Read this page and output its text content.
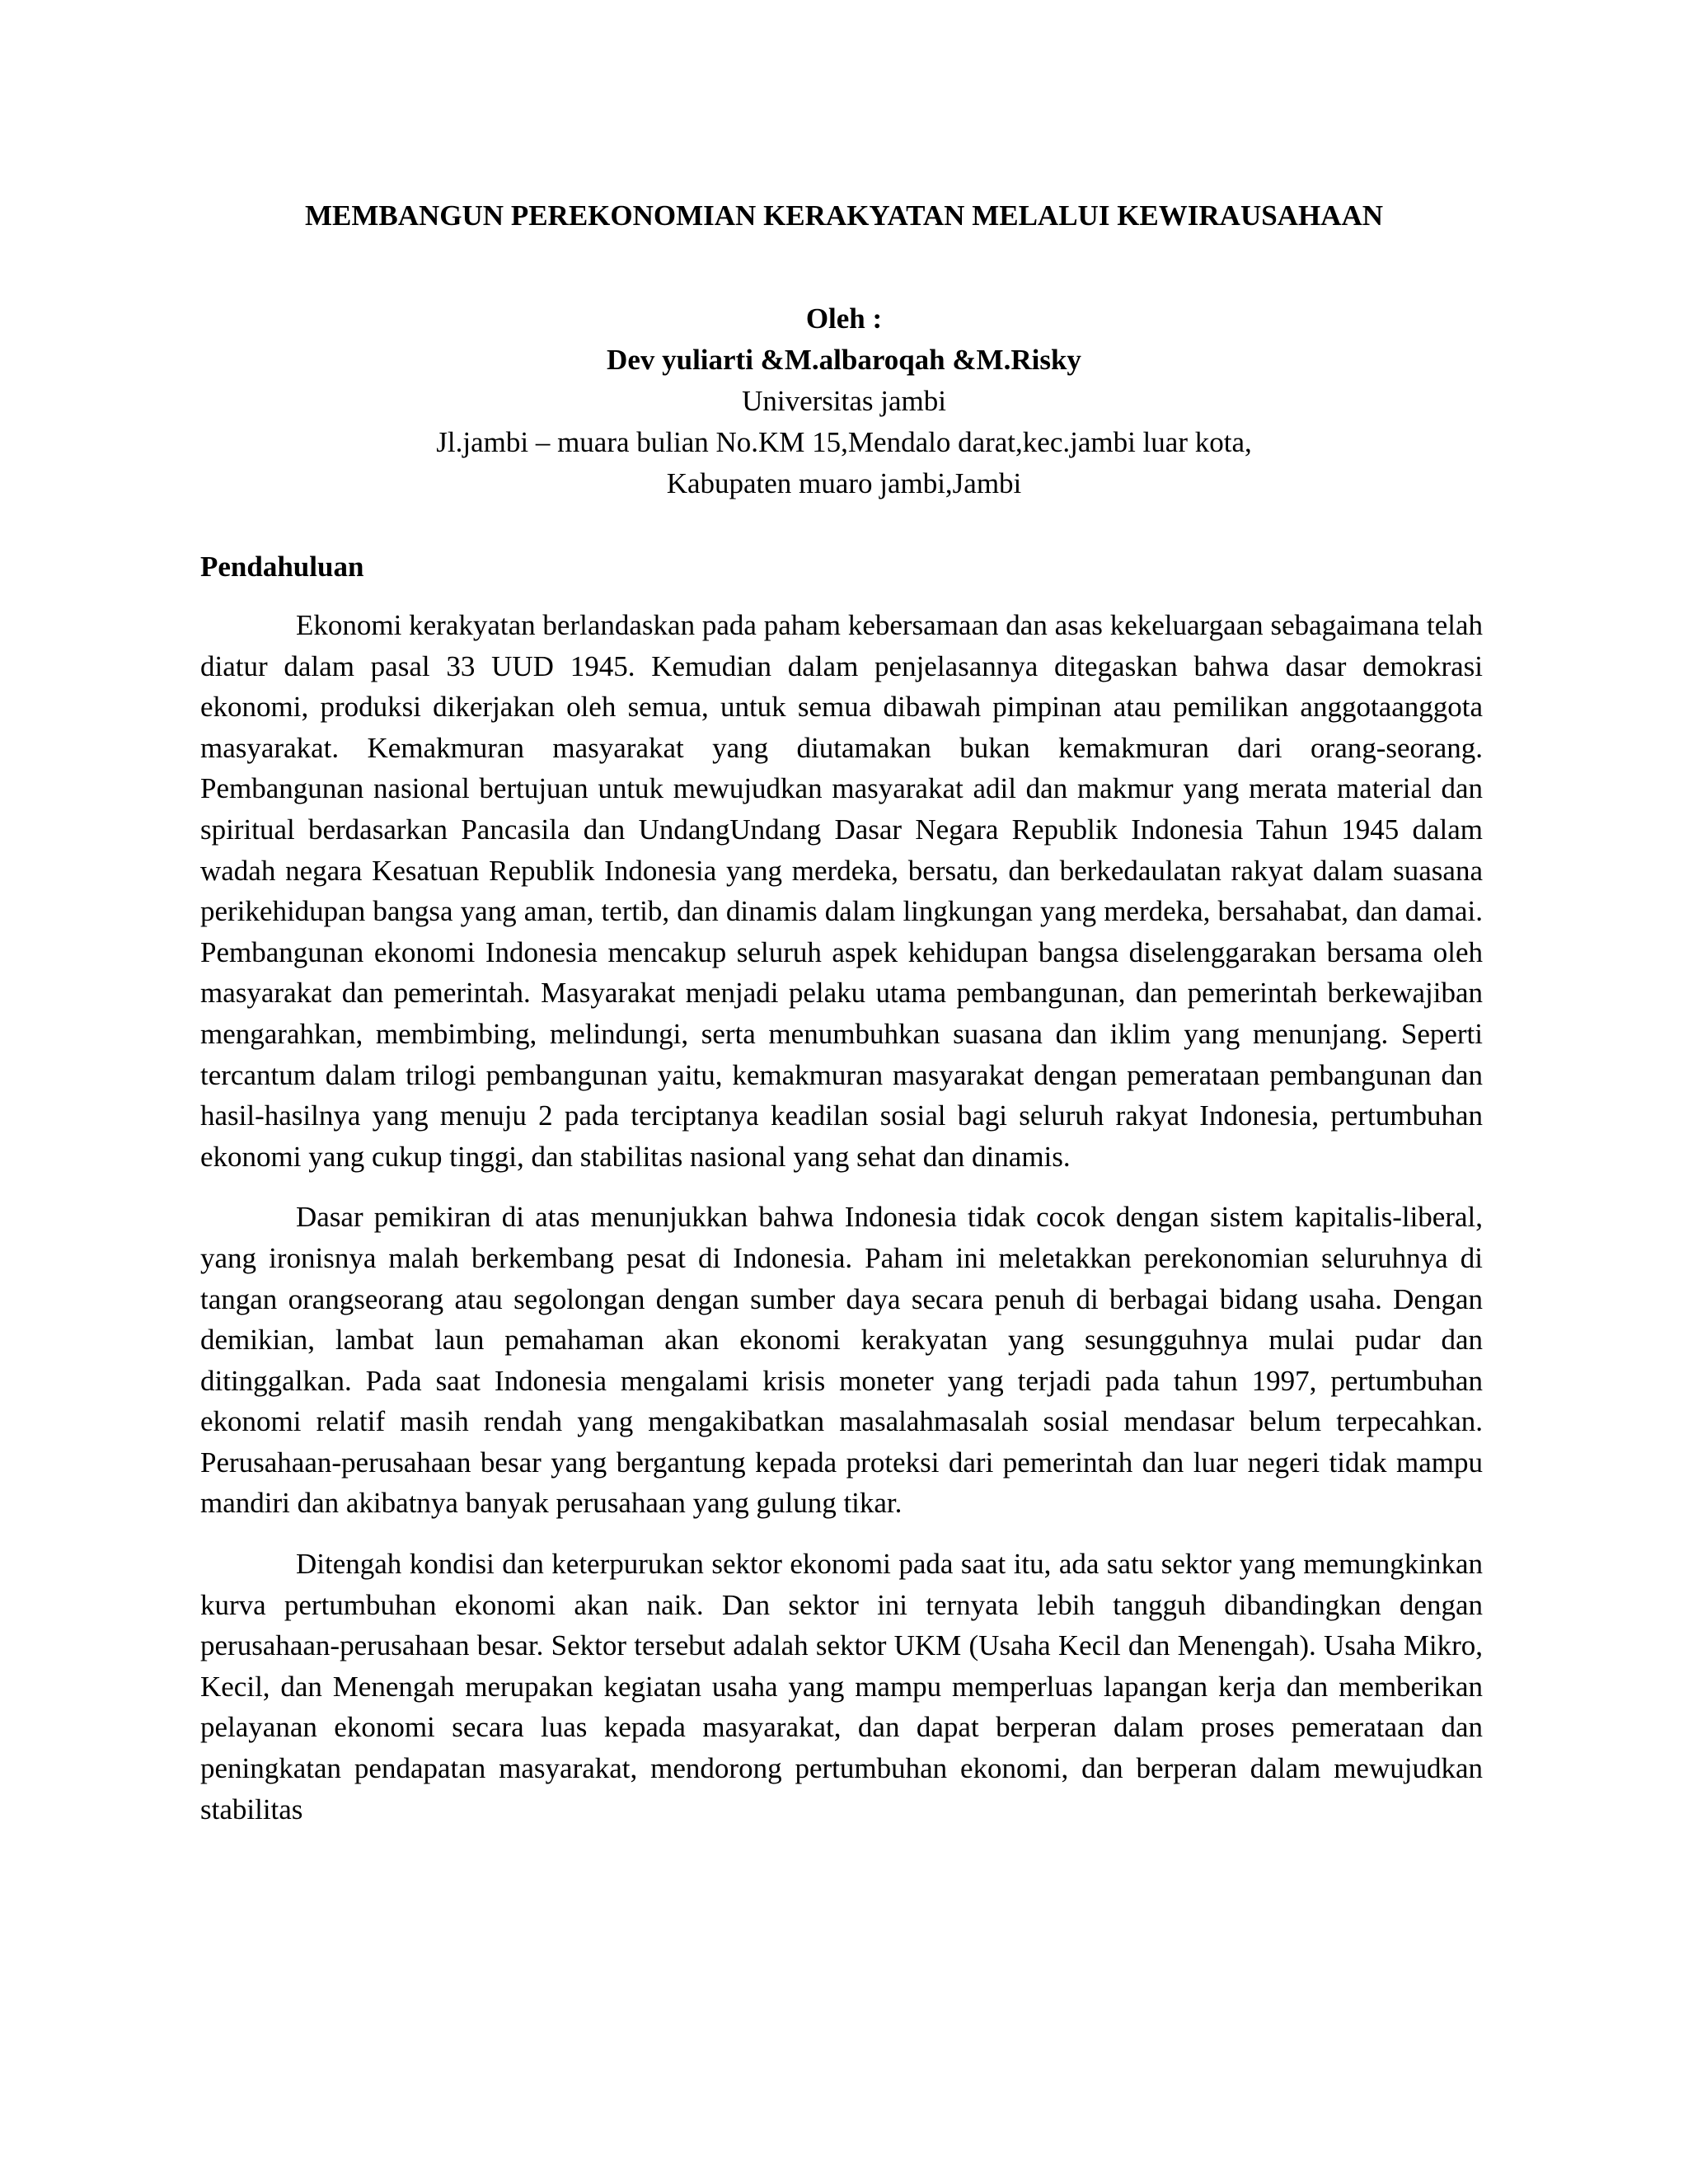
MEMBANGUN PEREKONOMIAN KERAKYATAN MELALUI KEWIRAUSAHAAN
Oleh :
Dev yuliarti &M.albaroqah &M.Risky
Universitas jambi
Jl.jambi – muara bulian No.KM 15,Mendalo darat,kec.jambi luar kota,
Kabupaten muaro jambi,Jambi
Pendahuluan

Ekonomi kerakyatan berlandaskan pada paham kebersamaan dan asas kekeluargaan sebagaimana telah diatur dalam pasal 33 UUD 1945. Kemudian dalam penjelasannya ditegaskan bahwa dasar demokrasi ekonomi, produksi dikerjakan oleh semua, untuk semua dibawah pimpinan atau pemilikan anggotaanggota masyarakat. Kemakmuran masyarakat yang diutamakan bukan kemakmuran dari orang-seorang. Pembangunan nasional bertujuan untuk mewujudkan masyarakat adil dan makmur yang merata material dan spiritual berdasarkan Pancasila dan UndangUndang Dasar Negara Republik Indonesia Tahun 1945 dalam wadah negara Kesatuan Republik Indonesia yang merdeka, bersatu, dan berkedaulatan rakyat dalam suasana perikehidupan bangsa yang aman, tertib, dan dinamis dalam lingkungan yang merdeka, bersahabat, dan damai. Pembangunan ekonomi Indonesia mencakup seluruh aspek kehidupan bangsa diselenggarakan bersama oleh masyarakat dan pemerintah. Masyarakat menjadi pelaku utama pembangunan, dan pemerintah berkewajiban mengarahkan, membimbing, melindungi, serta menumbuhkan suasana dan iklim yang menunjang. Seperti tercantum dalam trilogi pembangunan yaitu, kemakmuran masyarakat dengan pemerataan pembangunan dan hasil-hasilnya yang menuju 2 pada terciptanya keadilan sosial bagi seluruh rakyat Indonesia, pertumbuhan ekonomi yang cukup tinggi, dan stabilitas nasional yang sehat dan dinamis.

Dasar pemikiran di atas menunjukkan bahwa Indonesia tidak cocok dengan sistem kapitalis-liberal, yang ironisnya malah berkembang pesat di Indonesia. Paham ini meletakkan perekonomian seluruhnya di tangan orangseorang atau segolongan dengan sumber daya secara penuh di berbagai bidang usaha. Dengan demikian, lambat laun pemahaman akan ekonomi kerakyatan yang sesungguhnya mulai pudar dan ditinggalkan. Pada saat Indonesia mengalami krisis moneter yang terjadi pada tahun 1997, pertumbuhan ekonomi relatif masih rendah yang mengakibatkan masalahmasalah sosial mendasar belum terpecahkan. Perusahaan-perusahaan besar yang bergantung kepada proteksi dari pemerintah dan luar negeri tidak mampu mandiri dan akibatnya banyak perusahaan yang gulung tikar.

Ditengah kondisi dan keterpurukan sektor ekonomi pada saat itu, ada satu sektor yang memungkinkan kurva pertumbuhan ekonomi akan naik. Dan sektor ini ternyata lebih tangguh dibandingkan dengan perusahaan-perusahaan besar. Sektor tersebut adalah sektor UKM (Usaha Kecil dan Menengah). Usaha Mikro, Kecil, dan Menengah merupakan kegiatan usaha yang mampu memperluas lapangan kerja dan memberikan pelayanan ekonomi secara luas kepada masyarakat, dan dapat berperan dalam proses pemerataan dan peningkatan pendapatan masyarakat, mendorong pertumbuhan ekonomi, dan berperan dalam mewujudkan stabilitas
